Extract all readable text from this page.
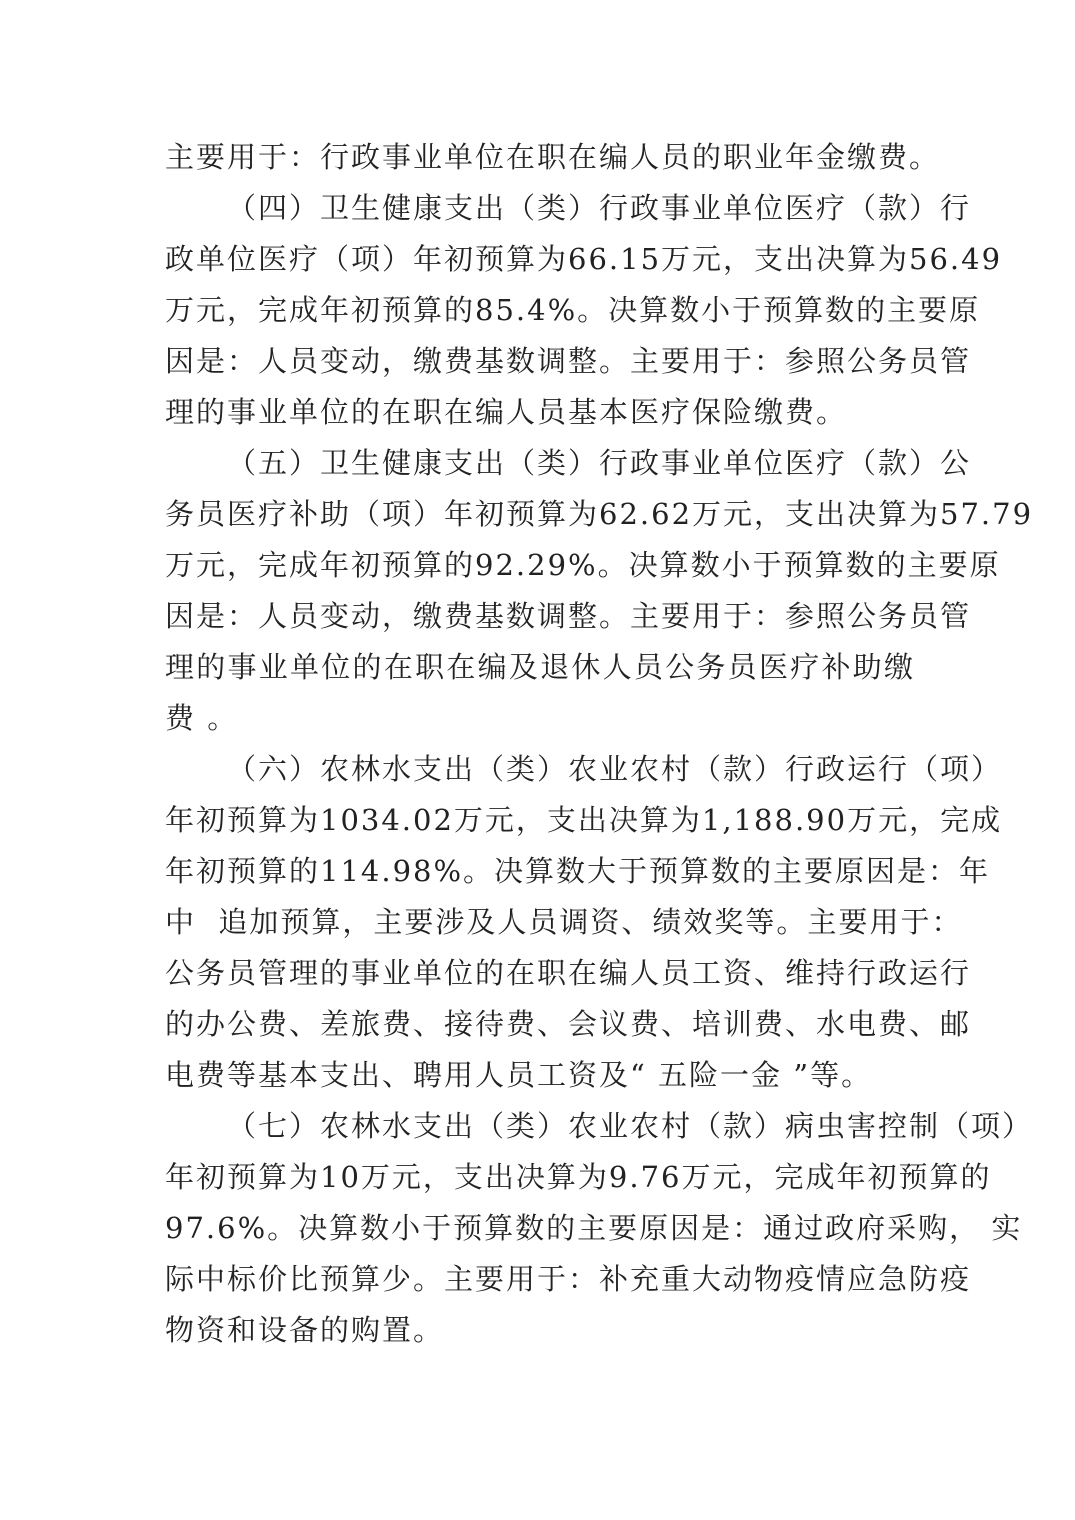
主要用于：行政事业单位在职在编人员的职业年金缴费。
（四）卫生健康支出（类）行政事业单位医疗（款）行
政单位医疗（项）年初预算为66.15万元，支出决算为56.49
万元，完成年初预算的85.4%。决算数小于预算数的主要原
因是：人员变动，缴费基数调整。主要用于：参照公务员管
理的事业单位的在职在编人员基本医疗保险缴费。
（五）卫生健康支出（类）行政事业单位医疗（款）公
务员医疗补助（项）年初预算为62.62万元，支出决算为57.79
万元，完成年初预算的92.29%。决算数小于预算数的主要原
因是：人员变动，缴费基数调整。主要用于：参照公务员管
理的事业单位的在职在编及退休人员公务员医疗补助缴
费 。
（六）农林水支出（类）农业农村（款）行政运行（项）
年初预算为1034.02万元，支出决算为1,188.90万元，完成
年初预算的114.98%。决算数大于预算数的主要原因是：年
中  追加预算，主要涉及人员调资、绩效奖等。主要用于：
公务员管理的事业单位的在职在编人员工资、维持行政运行
的办公费、差旅费、接待费、会议费、培训费、水电费、邮
电费等基本支出、聘用人员工资及“ 五险一金 ”等。
（七）农林水支出（类）农业农村（款）病虫害控制（项）
年初预算为10万元，支出决算为9.76万元，完成年初预算的
97.6%。决算数小于预算数的主要原因是：通过政府采购， 实
际中标价比预算少。主要用于：补充重大动物疫情应急防疫
物资和设备的购置。
